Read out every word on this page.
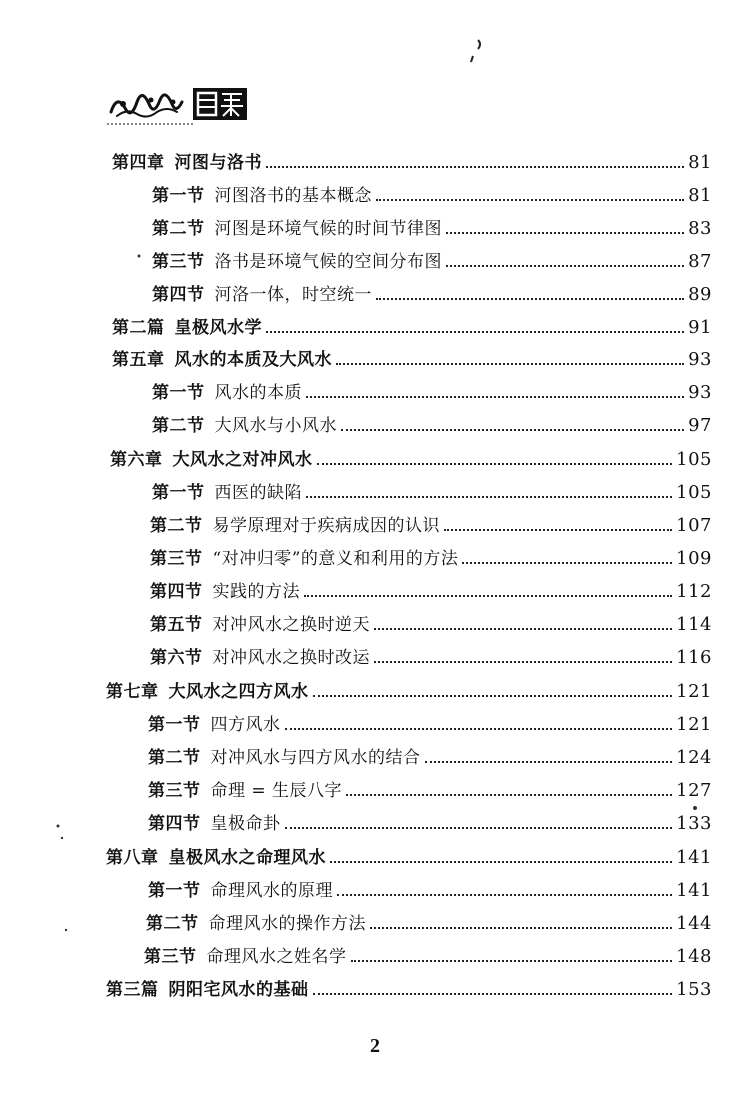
第四章 河图与洛书	81
第一节 河图洛书的基本概念	81
第二节 河图是环境气候的时间节律图	83
第三节 洛书是环境气候的空间分布图	87
第四节 河洛一体，时空统一	89
第二篇 皇极风水学	91
第五章 风水的本质及大风水	93
第一节 风水的本质	93
第二节 大风水与小风水	97
第六章 大风水之对冲风水	105
第一节 西医的缺陷	105
第二节 易学原理对于疾病成因的认识	107
第三节 “对冲归零”的意义和利用的方法	109
第四节 实践的方法	112
第五节 对冲风水之换时逆天	114
第六节 对冲风水之换时改运	116
第七章 大风水之四方风水	121
第一节 四方风水	121
第二节 对冲风水与四方风水的结合	124
第三节 命理 = 生辰八字	127
第四节 皇极命卦	133
第八章 皇极风水之命理风水	141
第一节 命理风水的原理	141
第二节 命理风水的操作方法	144
第三节 命理风水之姓名学	148
第三篇 阴阳宅风水的基础	153
2
